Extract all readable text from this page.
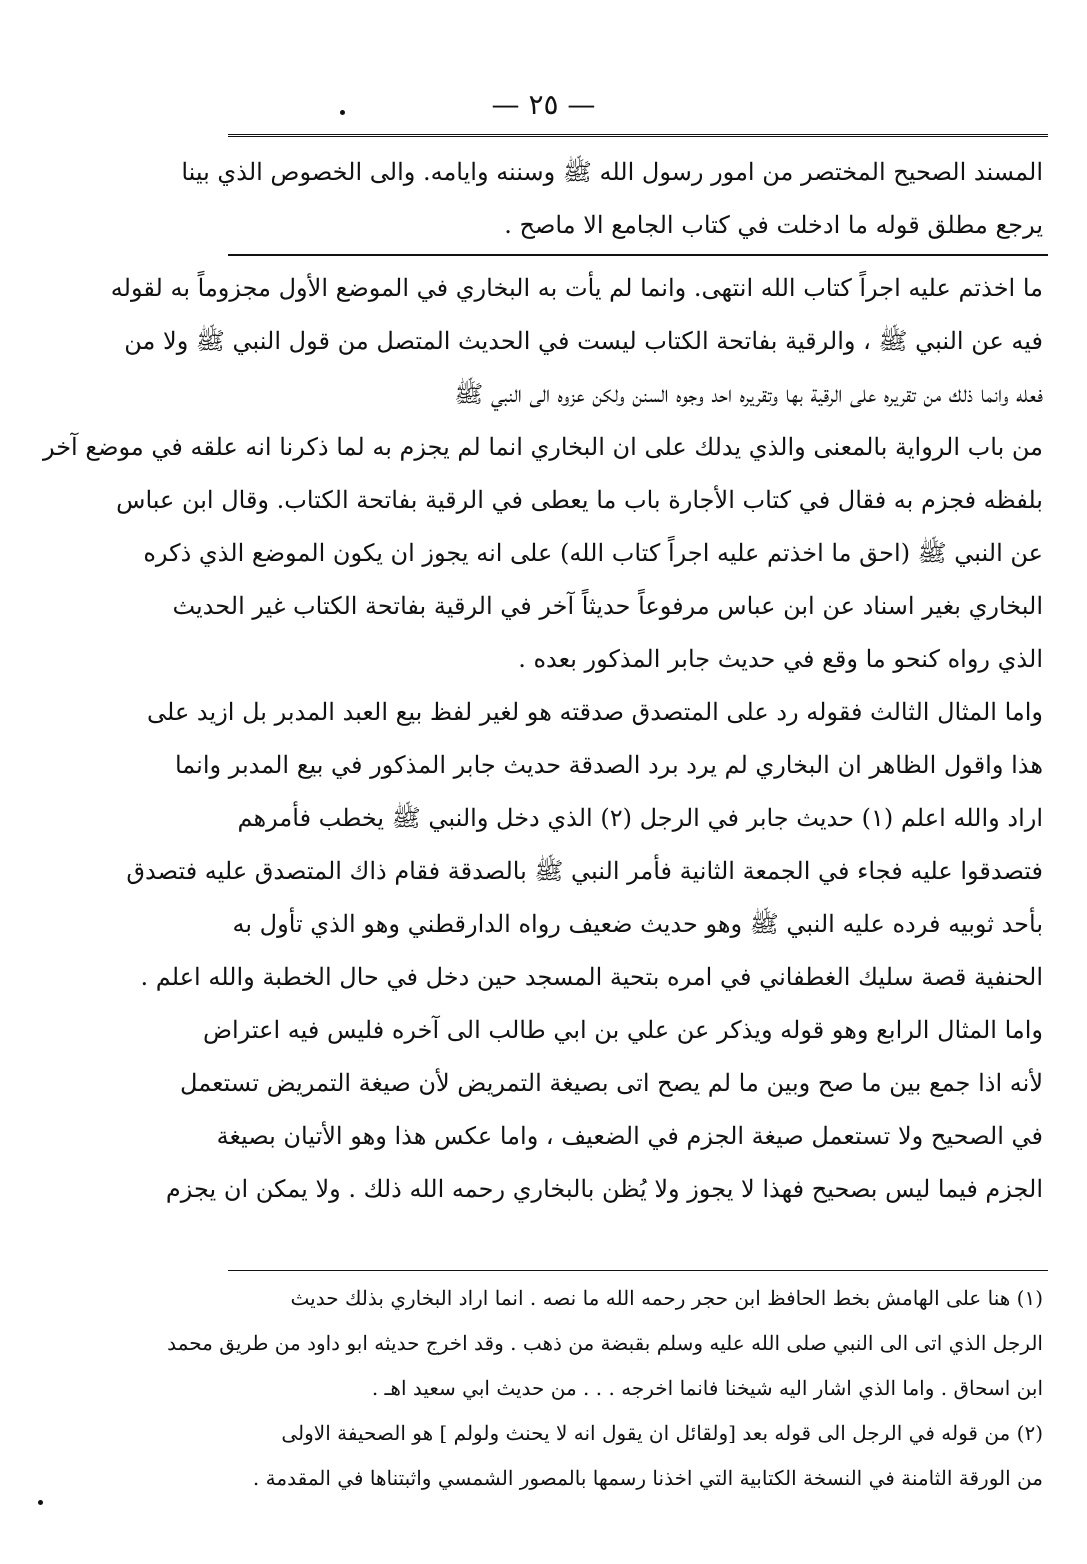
— ٢٥ —
المسند الصحيح المختصر من امور رسول الله ﷺ وسننه وايامه. والى الخصوص الذي بينا
يرجع مطلق قوله ما ادخلت في كتاب الجامع الا ماصح .
ما اخذتم عليه اجراً كتاب الله انتهى. وانما لم يأت به البخاري في الموضع الأول مجزوماً به لقوله
فيه عن النبي ﷺ ، والرقية بفاتحة الكتاب ليست في الحديث المتصل من قول النبي ﷺ ولا من
فعله وانما ذلك من تقريره على الرقية بها وتقريره احد وجوه السنن ولكن عزوه الى النبي ﷺ
من باب الرواية بالمعنى والذي يدلك على ان البخاري انما لم يجزم به لما ذكرنا انه علقه في موضع آخر
بلفظه فجزم به فقال في كتاب الأجارة باب ما يعطى في الرقية بفاتحة الكتاب. وقال ابن عباس
عن النبي ﷺ (احق ما اخذتم عليه اجراً كتاب الله) على انه يجوز ان يكون الموضع الذي ذكره
البخاري بغير اسناد عن ابن عباس مرفوعاً حديثاً آخر في الرقية بفاتحة الكتاب غير الحديث
الذي رواه كنحو ما وقع في حديث جابر المذكور بعده .
واما المثال الثالث فقوله رد على المتصدق صدقته هو لغير لفظ بيع العبد المدبر بل ازيد على
هذا واقول الظاهر ان البخاري لم يرد برد الصدقة حديث جابر المذكور في بيع المدبر وانما
اراد والله اعلم (١) حديث جابر في الرجل (٢) الذي دخل والنبي ﷺ يخطب فأمرهم
فتصدقوا عليه فجاء في الجمعة الثانية فأمر النبي ﷺ بالصدقة فقام ذاك المتصدق عليه فتصدق
بأحد ثوبيه فرده عليه النبي ﷺ وهو حديث ضعيف رواه الدارقطني وهو الذي تأول به
الحنفية قصة سليك الغطفاني في امره بتحية المسجد حين دخل في حال الخطبة والله اعلم .
واما المثال الرابع وهو قوله ويذكر عن علي بن ابي طالب الى آخره فليس فيه اعتراض
لأنه اذا جمع بين ما صح وبين ما لم يصح اتى بصيغة التمريض لأن صيغة التمريض تستعمل
في الصحيح ولا تستعمل صيغة الجزم في الضعيف ، واما عكس هذا وهو الأتيان بصيغة
الجزم فيما ليس بصحيح فهذا لا يجوز ولا يُظن بالبخاري رحمه الله ذلك . ولا يمكن ان يجزم
(١) هنا على الهامش بخط الحافظ ابن حجر رحمه الله ما نصه . انما اراد البخاري بذلك حديث
الرجل الذي اتى الى النبي صلى الله عليه وسلم بقبضة من ذهب . وقد اخرج حديثه ابو داود من طريق محمد
ابن اسحاق . واما الذي اشار اليه شيخنا فانما اخرجه . . . من حديث ابي سعيد اهـ .
(٢) من قوله في الرجل الى قوله بعد [ولقائل ان يقول انه لا يحنث ولولم ] هو الصحيفة الاولى
من الورقة الثامنة في النسخة الكتابية التي اخذنا رسمها بالمصور الشمسي واثبتناها في المقدمة .
